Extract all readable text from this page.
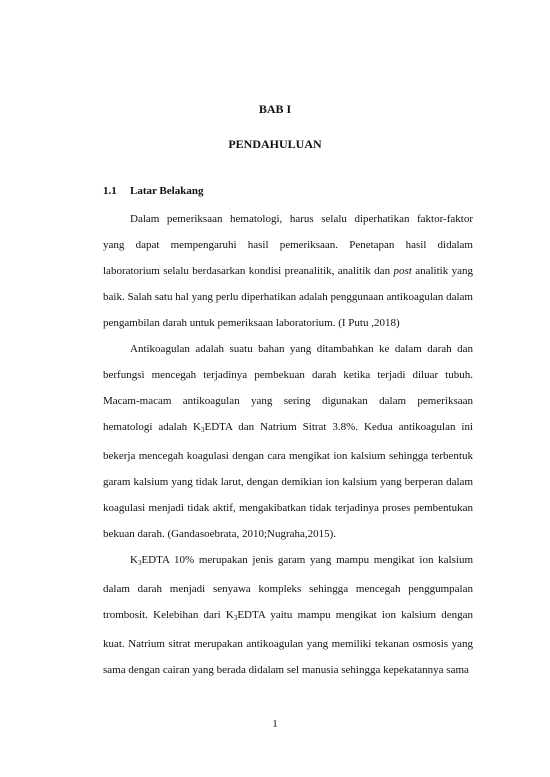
BAB I
PENDAHULUAN
1.1 Latar Belakang

Dalam pemeriksaan hematologi, harus selalu diperhatikan faktor-faktor
yang dapat mempengaruhi hasil pemeriksaan. Penetapan hasil didalam
laboratorium selalu berdasarkan kondisi preanalitik, analitik dan post analitik yang
baik. Salah satu hal yang perlu diperhatikan adalah penggunaan antikoagulan dalam
pengambilan darah untuk pemeriksaan laboratorium. (I Putu ,2018)

Antikoagulan adalah suatu bahan yang ditambahkan ke dalam darah dan
berfungsi mencegah terjadinya pembekuan darah ketika terjadi diluar tubuh.
Macam-macam antikoagulan yang sering digunakan dalam pemeriksaan
hematologi adalah $K_3EDTA$ dan Natrium Sitrat 3.8%. Kedua antikoagulan ini
bekerja mencegah koagulasi dengan cara mengikat ion kalsium sehingga terbentuk
garam kalsium yang tidak larut, dengan demikian ion kalsium yang berperan dalam
koagulasi menjadi tidak aktif, mengakibatkan tidak terjadinya proses pembentukan
bekuan darah. (Gandasoebrata, 2010;Nugraha,2015).

$K_3EDTA$ 10% merupakan jenis garam yang mampu mengikat ion kalsium
dalam darah menjadi senyawa kompleks sehingga mencegah penggumpalan
trombosit. Kelebihan dari $K_3EDTA$ yaitu mampu mengikat ion kalsium dengan
kuat. Natrium sitrat merupakan antikoagulan yang memiliki tekanan osmosis yang
sama dengan cairan yang berada didalam sel manusia sehingga kepekatannya sama

1
